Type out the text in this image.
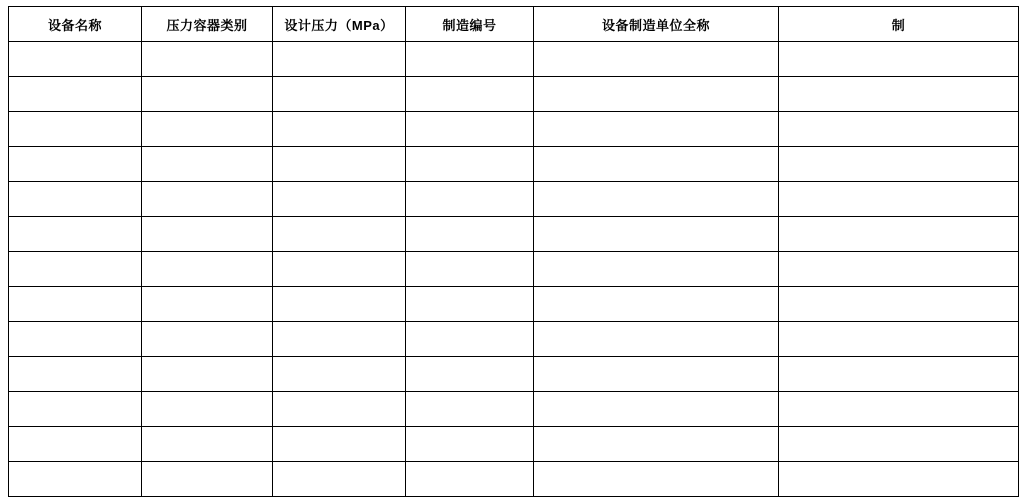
设备名称	压力容器类别	设计压力（MPa）	制造编号	设备制造单位全称	制
